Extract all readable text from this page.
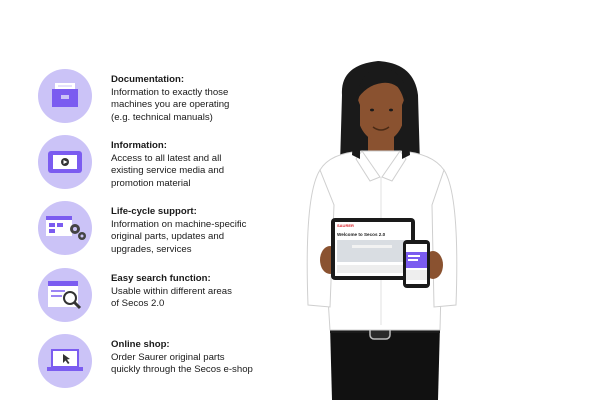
Documentation:
Information to exactly those
machines you are operating
(e.g. technical manuals)
Information:
Access to all latest and all
existing service media and
promotion material
Life-cycle support:
Information on machine-specific
original parts, updates and
upgrades, services
Easy search function:
Usable within different areas
of Secos 2.0
Online shop:
Order Saurer original parts
quickly through the Secos e-shop
SAURER
Welcome to Secos 2.0
